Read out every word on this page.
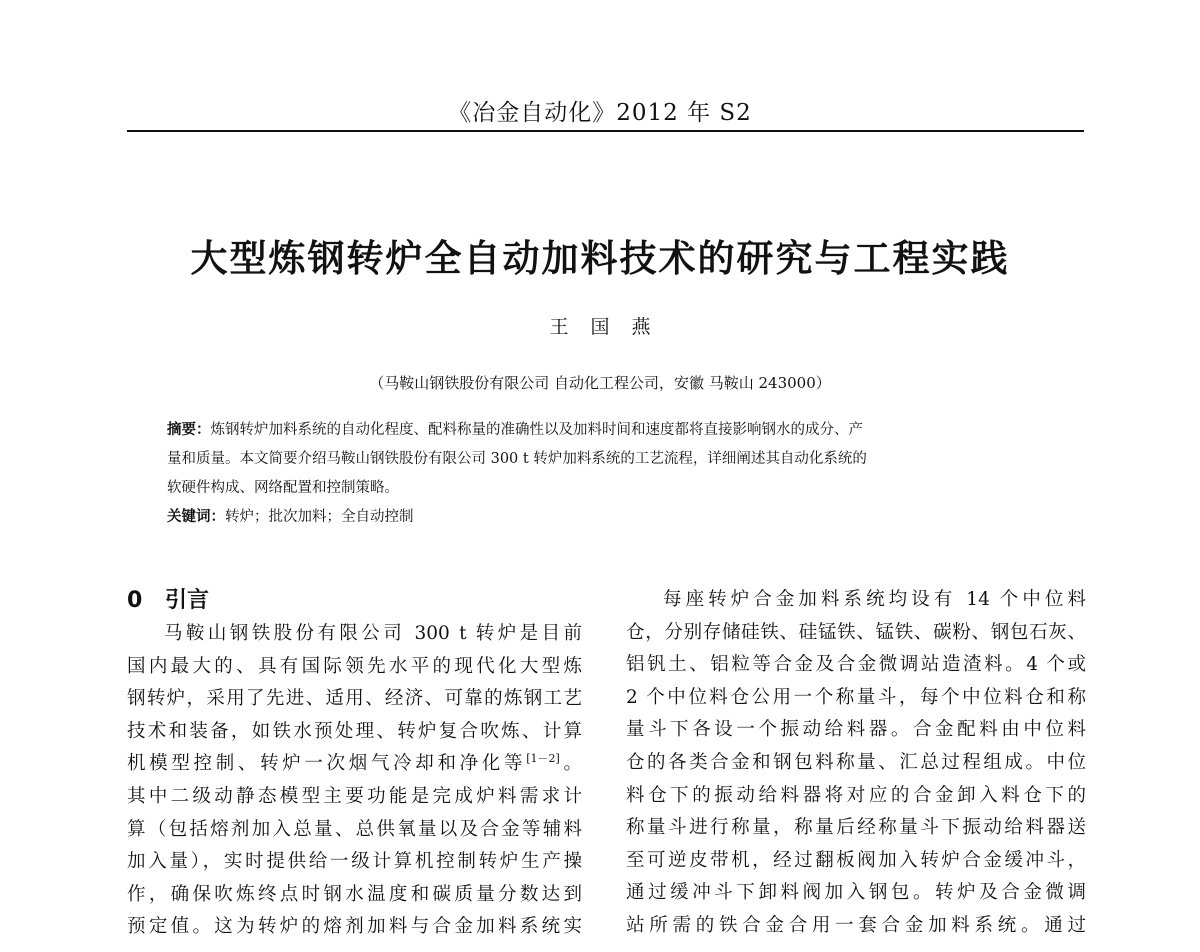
《冶金自动化》2012 年 S2
大型炼钢转炉全自动加料技术的研究与工程实践
王国燕
（马鞍山钢铁股份有限公司 自动化工程公司，安徽 马鞍山 243000）
摘要：炼钢转炉加料系统的自动化程度、配料称量的准确性以及加料时间和速度都将直接影响钢水的成分、产
量和质量。本文简要介绍马鞍山钢铁股份有限公司 300 t 转炉加料系统的工艺流程，详细阐述其自动化系统的
软硬件构成、网络配置和控制策略。
关键词：转炉；批次加料；全自动控制
0 引言
马鞍山钢铁股份有限公司 300 t 转炉是目前
国内最大的、具有国际领先水平的现代化大型炼
钢转炉，采用了先进、适用、经济、可靠的炼钢工艺
技术和装备，如铁水预处理、转炉复合吹炼、计算
机模型控制、转炉一次烟气冷却和净化等[1－2]。
其中二级动静态模型主要功能是完成炉料需求计
算（包括熔剂加入总量、总供氧量以及合金等辅料
加入量），实时提供给一级计算机控制转炉生产操
作，确保吹炼终点时钢水温度和碳质量分数达到
预定值。这为转炉的熔剂加料与合金加料系统实
每座转炉合金加料系统均设有 14 个中位料
仓，分别存储硅铁、硅锰铁、锰铁、碳粉、钢包石灰、
铝钒土、铝粒等合金及合金微调站造渣料。4 个或
2 个中位料仓公用一个称量斗，每个中位料仓和称
量斗下各设一个振动给料器。合金配料由中位料
仓的各类合金和钢包料称量、汇总过程组成。中位
料仓下的振动给料器将对应的合金卸入料仓下的
称量斗进行称量，称量后经称量斗下振动给料器送
至可逆皮带机，经过翻板阀加入转炉合金缓冲斗，
通过缓冲斗下卸料阀加入钢包。转炉及合金微调
站所需的铁合金合用一套合金加料系统。通过
